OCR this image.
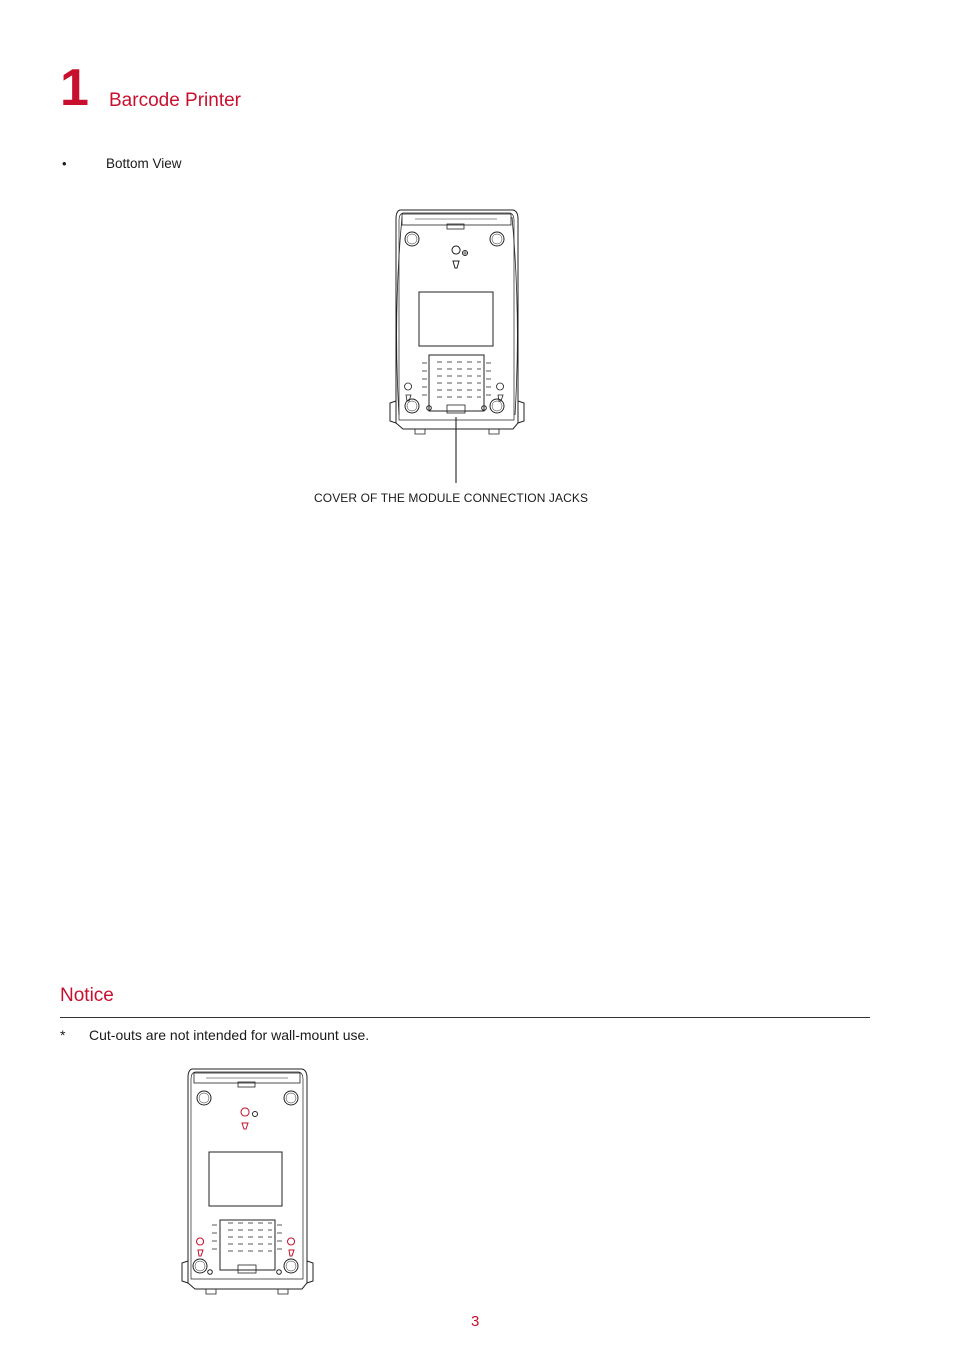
1 Barcode Printer
•	Bottom View
COVER OF THE MODULE CONNECTION JACKS
Notice
* Cut-outs are not intended for wall-mount use.
3
